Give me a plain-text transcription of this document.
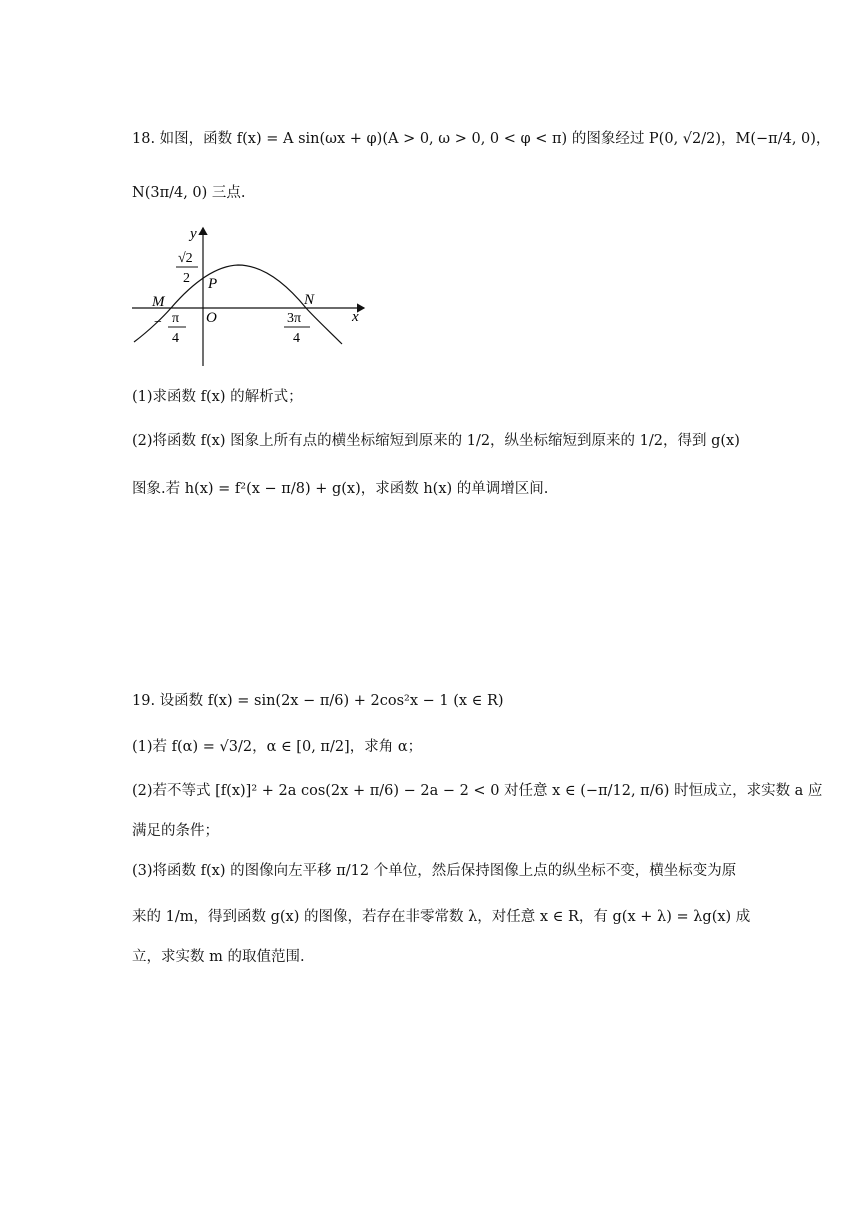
18. 如图，函数 f(x) = A sin(ωx + φ)(A > 0, ω > 0, 0 < φ < π) 的图象经过 P(0, √2/2)，M(−π/4, 0)，
N(3π/4, 0) 三点.
y
x
O
P
M	N
√2
2
− π
4
3π
4
(1)求函数 f(x) 的解析式；
(2)将函数 f(x) 图象上所有点的横坐标缩短到原来的 1/2，纵坐标缩短到原来的 1/2，得到 g(x)
图象.若 h(x) = f²(x − π/8) + g(x)，求函数 h(x) 的单调增区间.
19. 设函数 f(x) = sin(2x − π/6) + 2cos²x − 1 (x ∈ R)
(1)若 f(α) = √3/2，α ∈ [0, π/2]，求角 α；
(2)若不等式 [f(x)]² + 2a cos(2x + π/6) − 2a − 2 < 0 对任意 x ∈ (−π/12, π/6) 时恒成立，求实数 a 应
满足的条件；
(3)将函数 f(x) 的图像向左平移 π/12 个单位，然后保持图像上点的纵坐标不变，横坐标变为原
来的 1/m，得到函数 g(x) 的图像，若存在非零常数 λ，对任意 x ∈ R，有 g(x + λ) = λg(x) 成
立，求实数 m 的取值范围.
